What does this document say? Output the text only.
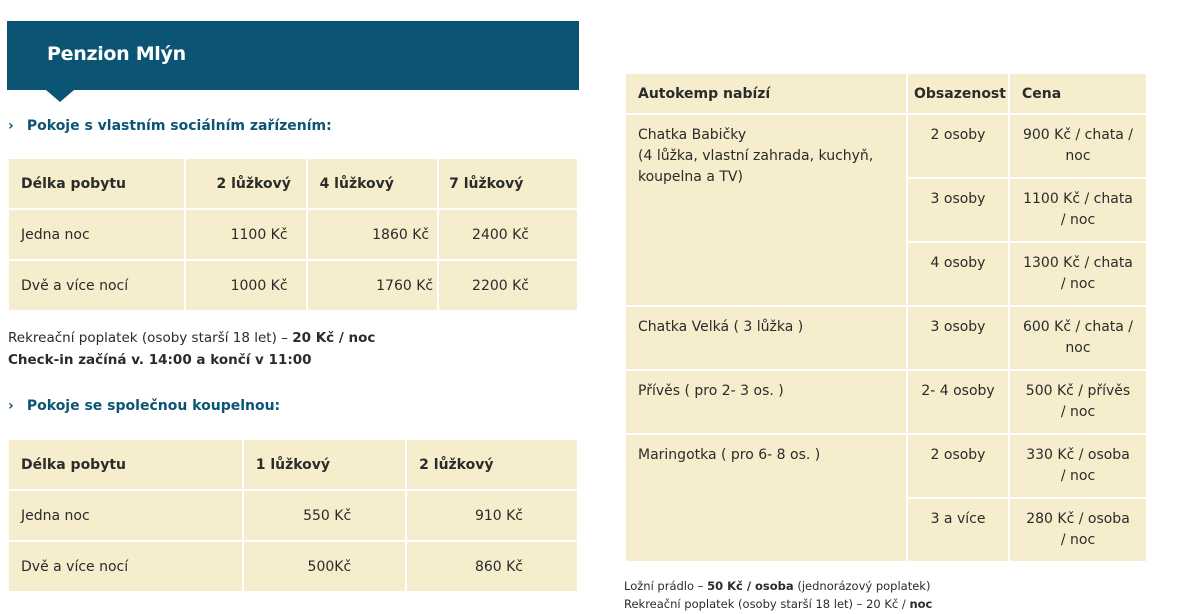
Penzion Mlýn
› Pokoje s vlastním sociálním zařízením:
Délka pobytu	2 lůžkový	4 lůžkový	7 lůžkový
Jedna noc	1100 Kč	1860 Kč	2400 Kč
Dvě a více nocí	1000 Kč	1760 Kč	2200 Kč
Rekreační poplatek (osoby starší 18 let) – 20 Kč / noc
Check-in začíná v. 14:00 a končí v 11:00
› Pokoje se společnou koupelnou:
Délka pobytu	1 lůžkový	2 lůžkový
Jedna noc	550 Kč	910 Kč
Dvě a více nocí	500Kč	860 Kč
Autokemp nabízí	Obsazenost	Cena

Chatka Babičky
(4 lůžka, vlastní zahrada, kuchyň,
koupelna a TV)	2 osoby	900 Kč / chata / noc
	3 osoby	1100 Kč / chata / noc
	4 osoby	1300 Kč / chata / noc
Chatka Velká ( 3 lůžka )	3 osoby	600 Kč / chata / noc
Přívěs ( pro 2- 3 os. )	2- 4 osoby	500 Kč / přívěs / noc
Maringotka ( pro 6- 8 os. )	2 osoby	330 Kč / osoba / noc
	3 a více	280 Kč / osoba / noc
Ložní prádlo – 50 Kč / osoba (jednorázový poplatek)
Rekreační poplatek (osoby starší 18 let) – 20 Kč / noc
